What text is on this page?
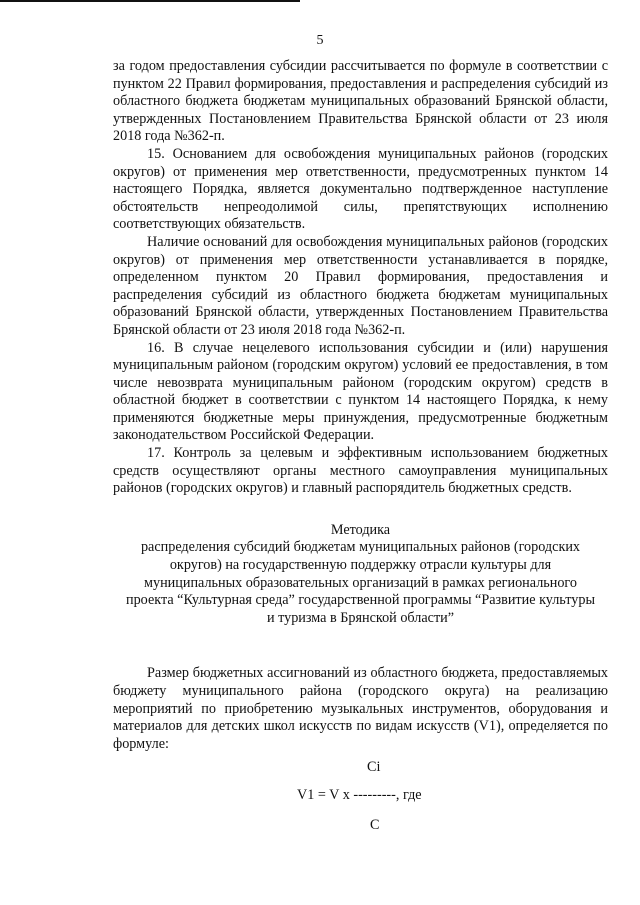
5

за годом предоставления субсидии рассчитывается по формуле в соответствии с пунктом 22 Правил формирования, предоставления и распределения субсидий из областного бюджета бюджетам муниципальных образований Брянской области, утвержденных Постановлением Правительства Брянской области от 23 июля 2018 года №362-п.

15. Основанием для освобождения муниципальных районов (городских округов) от применения мер ответственности, предусмотренных пунктом 14 настоящего Порядка, является документально подтвержденное наступление обстоятельств непреодолимой силы, препятствующих исполнению соответствующих обязательств.

Наличие оснований для освобождения муниципальных районов (городских округов) от применения мер ответственности устанавливается в порядке, определенном пунктом 20 Правил формирования, предоставления и распределения субсидий из областного бюджета бюджетам муниципальных образований Брянской области, утвержденных Постановлением Правительства Брянской области от 23 июля 2018 года №362-п.

16. В случае нецелевого использования субсидии и (или) нарушения муниципальным районом (городским округом) условий ее предоставления, в том числе невозврата муниципальным районом (городским округом) средств в областной бюджет в соответствии с пунктом 14 настоящего Порядка, к нему применяются бюджетные меры принуждения, предусмотренные бюджетным законодательством Российской Федерации.

17. Контроль за целевым и эффективным использованием бюджетных средств осуществляют органы местного самоуправления муниципальных районов (городских округов) и главный распорядитель бюджетных средств.

Методика

распределения субсидий бюджетам муниципальных районов (городских округов) на государственную поддержку отрасли культуры для муниципальных образовательных организаций в рамках регионального проекта “Культурная среда” государственной программы “Развитие культуры и туризма в Брянской области”

Размер бюджетных ассигнований из областного бюджета, предоставляемых бюджету муниципального района (городского округа) на реализацию мероприятий по приобретению музыкальных инструментов, оборудования и материалов для детских школ искусств по видам искусств (V1), определяется по формуле:

Ci
V1 = V x ---------, где
C
